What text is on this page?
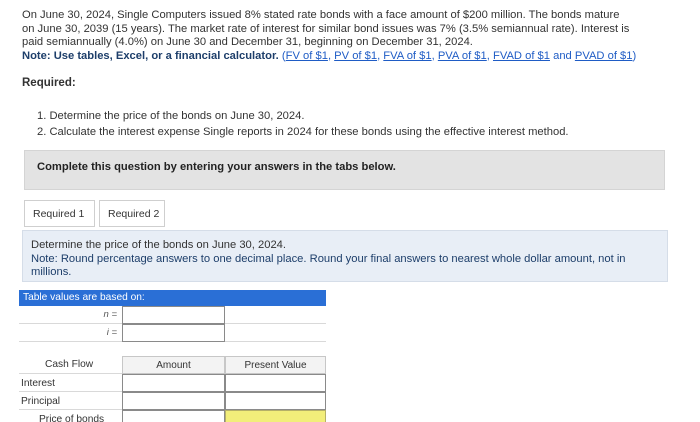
On June 30, 2024, Single Computers issued 8% stated rate bonds with a face amount of $200 million. The bonds mature
on June 30, 2039 (15 years). The market rate of interest for similar bond issues was 7% (3.5% semiannual rate). Interest is
paid semiannually (4.0%) on June 30 and December 31, beginning on December 31, 2024.
Note: Use tables, Excel, or a financial calculator. (FV of $1, PV of $1, FVA of $1, PVA of $1, FVAD of $1 and PVAD of $1)
Required:
1. Determine the price of the bonds on June 30, 2024.
2. Calculate the interest expense Single reports in 2024 for these bonds using the effective interest method.
Complete this question by entering your answers in the tabs below.
Required 1	Required 2
Determine the price of the bonds on June 30, 2024.
Note: Round percentage answers to one decimal place. Round your final answers to nearest whole dollar amount, not in millions.
Table values are based on:
n =
i =
Cash Flow	Amount	Present Value
Interest
Principal
Price of bonds
